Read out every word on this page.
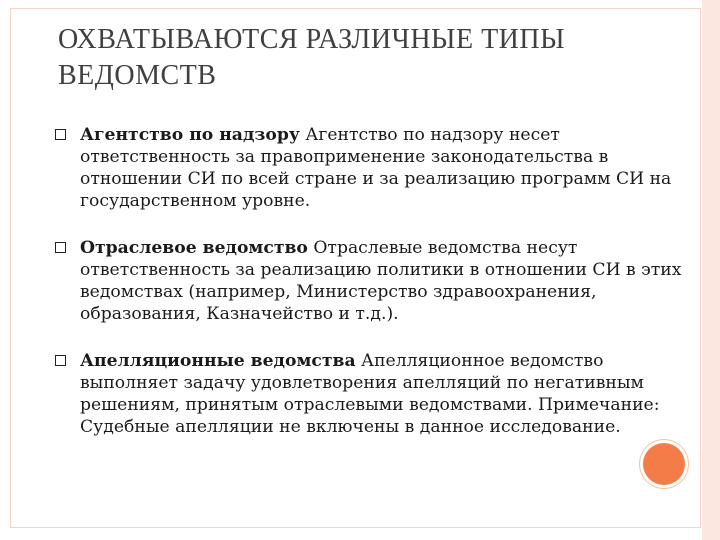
ОХВАТЫВАЮТСЯ РАЗЛИЧНЫЕ ТИПЫ ВЕДОМСТВ
Агентство по надзору Агентство по надзору несет ответственность за правоприменение законодательства в отношении СИ по всей стране и за реализацию программ СИ на государственном уровне.
Отраслевое ведомство Отраслевые ведомства несут ответственность за реализацию политики в отношении СИ в этих ведомствах (например, Министерство здравоохранения, образования, Казначейство и т.д.).
Апелляционные ведомства Апелляционное ведомство выполняет задачу удовлетворения апелляций по негативным решениям, принятым отраслевыми ведомствами. Примечание: Судебные апелляции не включены в данное исследование.
